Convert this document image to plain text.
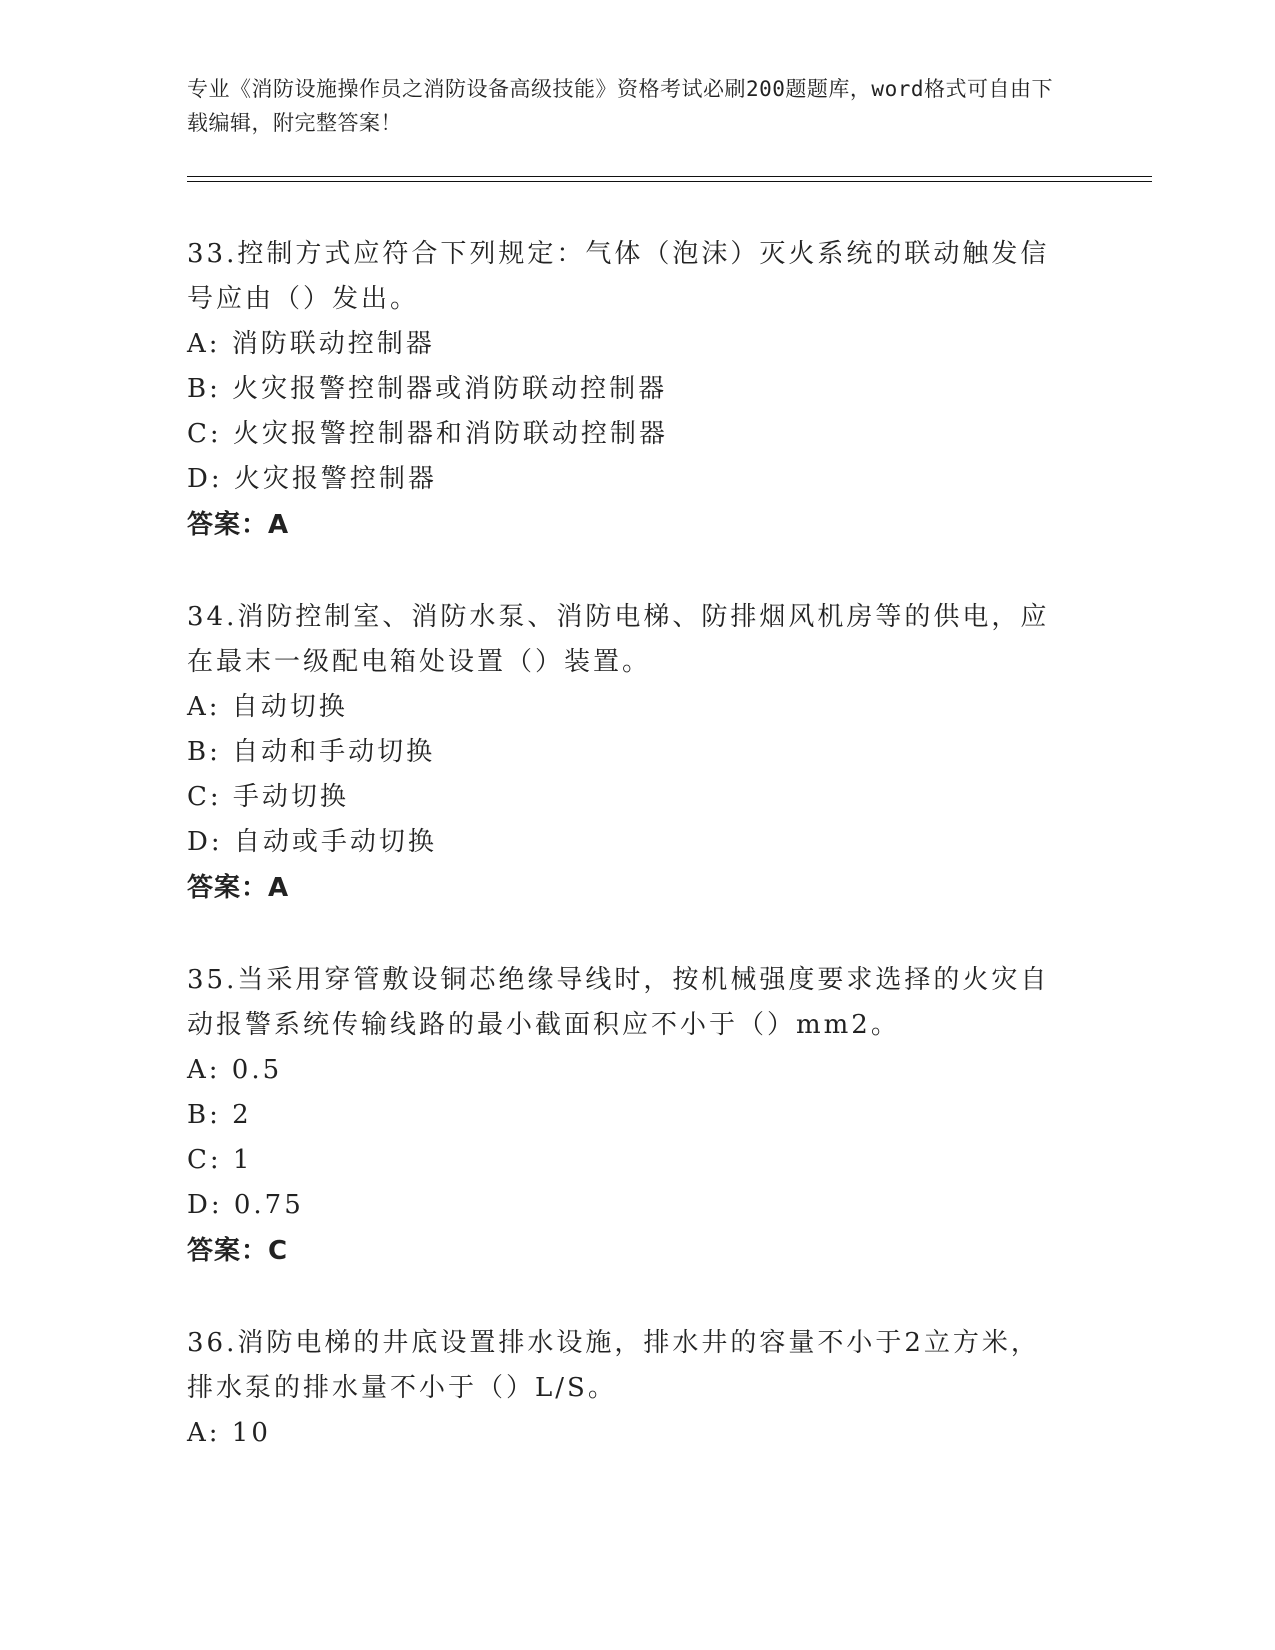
专业《消防设施操作员之消防设备高级技能》资格考试必刷200题题库，word格式可自由下载编辑，附完整答案！
33.控制方式应符合下列规定：气体（泡沫）灭火系统的联动触发信号应由（）发出。
A: 消防联动控制器
B: 火灾报警控制器或消防联动控制器
C: 火灾报警控制器和消防联动控制器
D: 火灾报警控制器
答案：A
34.消防控制室、消防水泵、消防电梯、防排烟风机房等的供电，应在最末一级配电箱处设置（）装置。
A: 自动切换
B: 自动和手动切换
C: 手动切换
D: 自动或手动切换
答案：A
35.当采用穿管敷设铜芯绝缘导线时，按机械强度要求选择的火灾自动报警系统传输线路的最小截面积应不小于（）mm2。
A: 0.5
B: 2
C: 1
D: 0.75
答案：C
36.消防电梯的井底设置排水设施，排水井的容量不小于2立方米，排水泵的排水量不小于（）L/S。
A: 10
